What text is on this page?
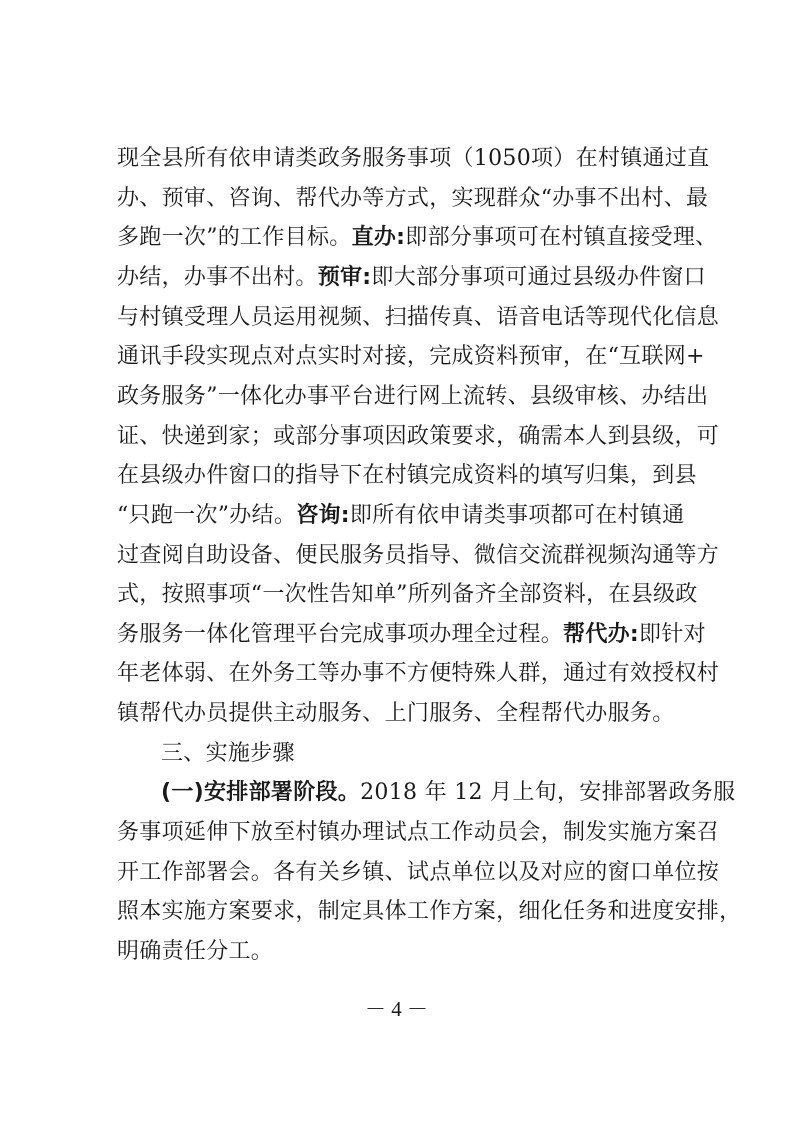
现全县所有依申请类政务服务事项（1050项）在村镇通过直
办、预审、咨询、帮代办等方式，实现群众“办事不出村、最
多跑一次”的工作目标。直办:即部分事项可在村镇直接受理、
办结，办事不出村。预审:即大部分事项可通过县级办件窗口
与村镇受理人员运用视频、扫描传真、语音电话等现代化信息
通讯手段实现点对点实时对接，完成资料预审，在“互联网+
政务服务”一体化办事平台进行网上流转、县级审核、办结出
证、快递到家；或部分事项因政策要求，确需本人到县级，可
在县级办件窗口的指导下在村镇完成资料的填写归集，到县
“只跑一次”办结。咨询:即所有依申请类事项都可在村镇通
过查阅自助设备、便民服务员指导、微信交流群视频沟通等方
式，按照事项“一次性告知单”所列备齐全部资料，在县级政
务服务一体化管理平台完成事项办理全过程。帮代办:即针对
年老体弱、在外务工等办事不方便特殊人群，通过有效授权村
镇帮代办员提供主动服务、上门服务、全程帮代办服务。
三、实施步骤
(一)安排部署阶段。2018 年 12 月上旬，安排部署政务服
务事项延伸下放至村镇办理试点工作动员会，制发实施方案召
开工作部署会。各有关乡镇、试点单位以及对应的窗口单位按
照本实施方案要求，制定具体工作方案，细化任务和进度安排，
明确责任分工。
－ 4 －
